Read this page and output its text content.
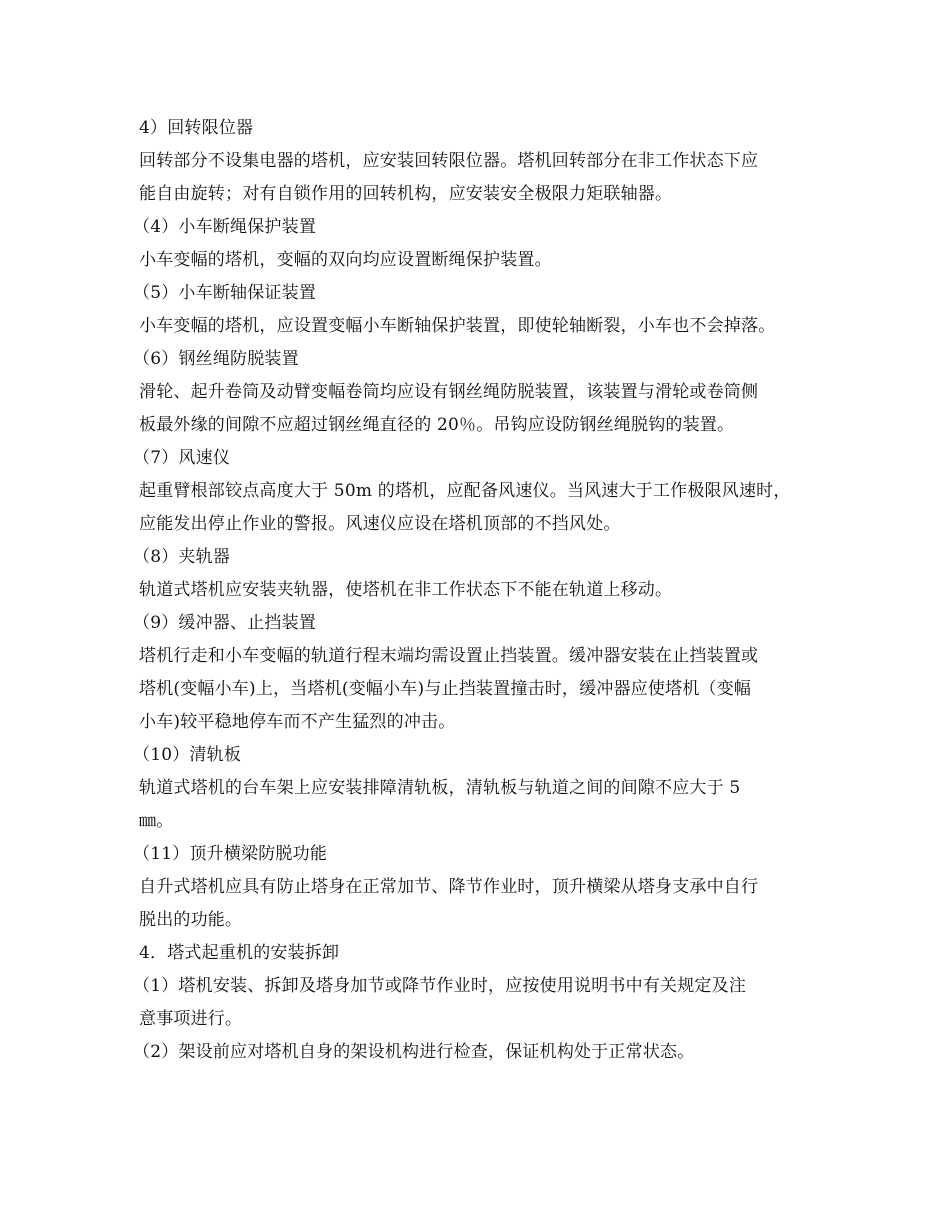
4）回转限位器
回转部分不设集电器的塔机，应安装回转限位器。塔机回转部分在非工作状态下应
能自由旋转；对有自锁作用的回转机构，应安装安全极限力矩联轴器。
（4）小车断绳保护装置
小车变幅的塔机，变幅的双向均应设置断绳保护装置。
（5）小车断轴保证装置
小车变幅的塔机，应设置变幅小车断轴保护装置，即使轮轴断裂，小车也不会掉落。
（6）钢丝绳防脱装置
滑轮、起升卷筒及动臂变幅卷筒均应设有钢丝绳防脱装置，该装置与滑轮或卷筒侧
板最外缘的间隙不应超过钢丝绳直径的 20％。吊钩应设防钢丝绳脱钩的装置。
（7）风速仪
起重臂根部铰点高度大于 50m 的塔机，应配备风速仪。当风速大于工作极限风速时，
应能发出停止作业的警报。风速仪应设在塔机顶部的不挡风处。
（8）夹轨器
轨道式塔机应安装夹轨器，使塔机在非工作状态下不能在轨道上移动。
（9）缓冲器、止挡装置
塔机行走和小车变幅的轨道行程末端均需设置止挡装置。缓冲器安装在止挡装置或
塔机(变幅小车)上，当塔机(变幅小车)与止挡装置撞击时，缓冲器应使塔机（变幅
小车)较平稳地停车而不产生猛烈的冲击。
（10）清轨板
轨道式塔机的台车架上应安装排障清轨板，清轨板与轨道之间的间隙不应大于 5
㎜。
（11）顶升横梁防脱功能
自升式塔机应具有防止塔身在正常加节、降节作业时，顶升横梁从塔身支承中自行
脱出的功能。
4．塔式起重机的安装拆卸
（1）塔机安装、拆卸及塔身加节或降节作业时，应按使用说明书中有关规定及注
意事项进行。
（2）架设前应对塔机自身的架设机构进行检查，保证机构处于正常状态。
